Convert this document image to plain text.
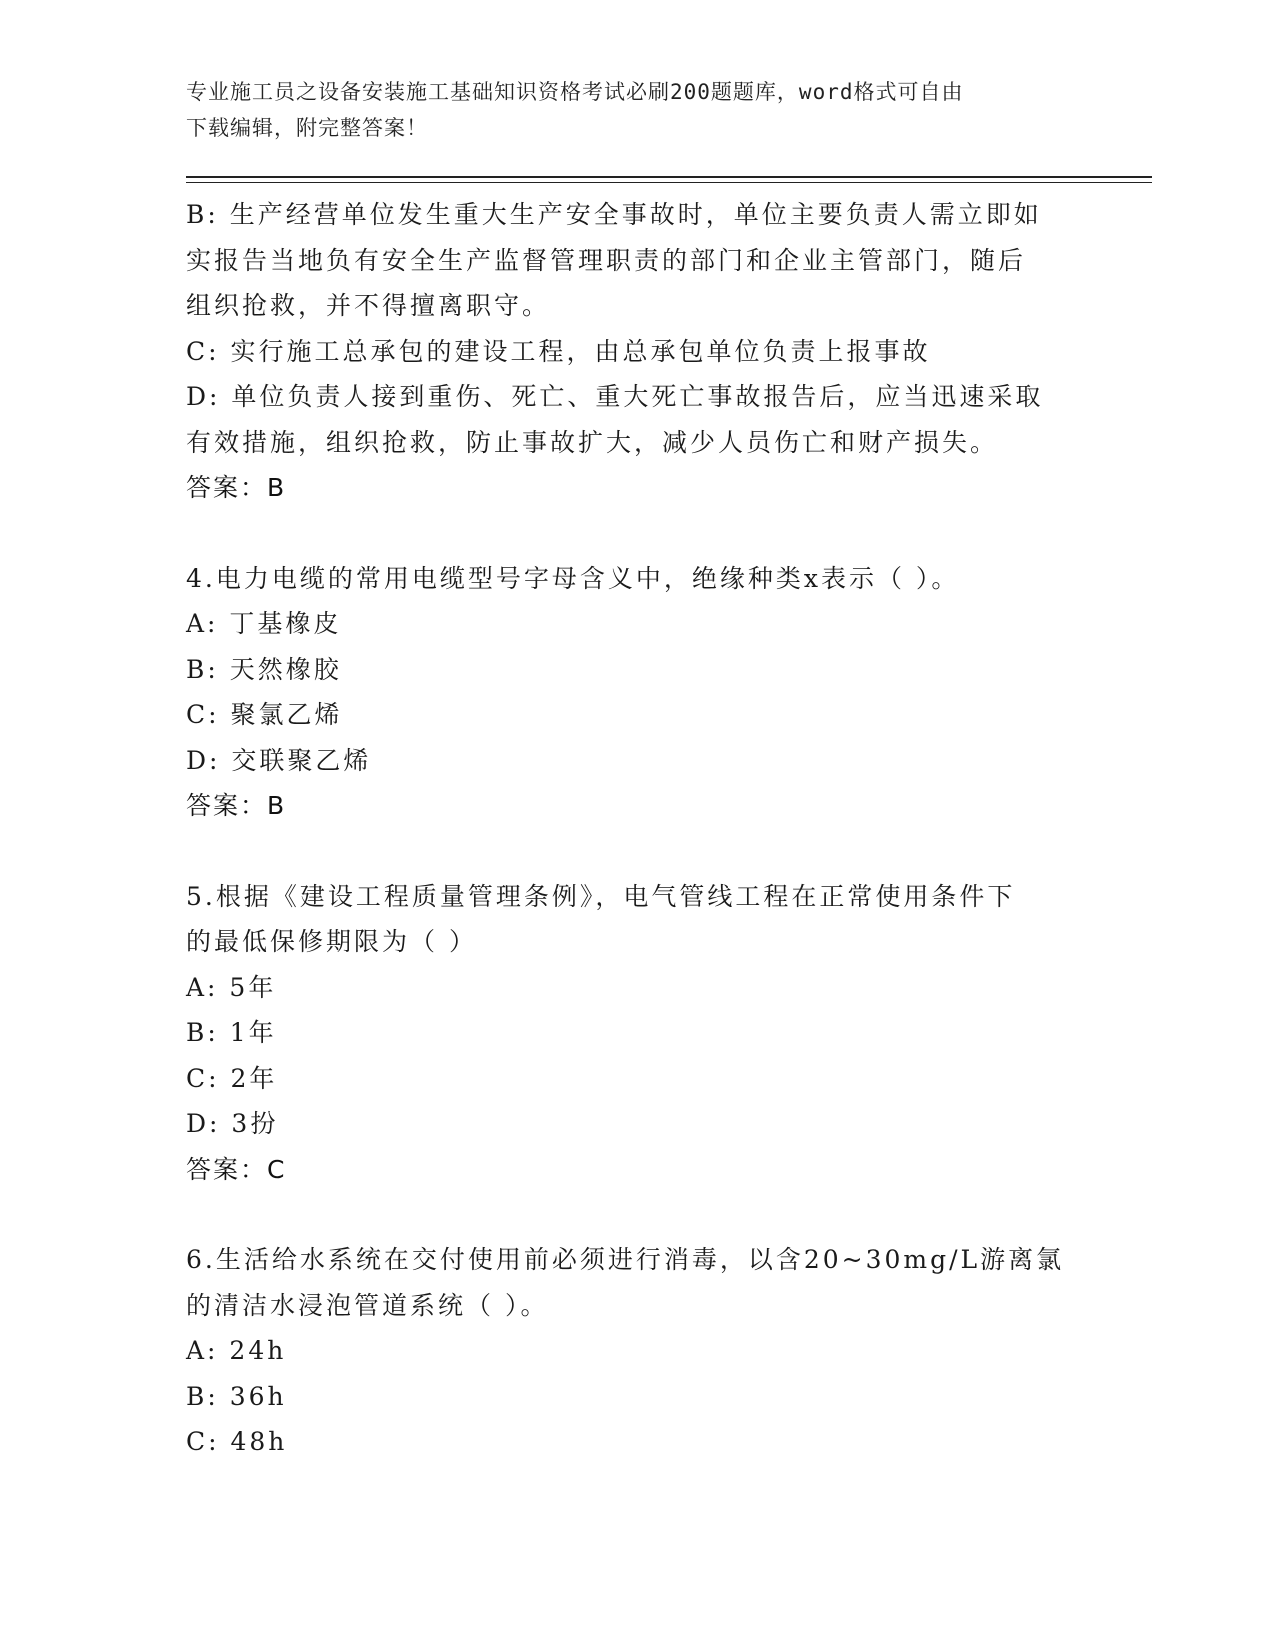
专业施工员之设备安装施工基础知识资格考试必刷200题题库，word格式可自由
下载编辑，附完整答案！
B: 生产经营单位发生重大生产安全事故时，单位主要负责人需立即如
实报告当地负有安全生产监督管理职责的部门和企业主管部门，随后
组织抢救，并不得擅离职守。
C: 实行施工总承包的建设工程，由总承包单位负责上报事故
D: 单位负责人接到重伤、死亡、重大死亡事故报告后，应当迅速采取
有效措施，组织抢救，防止事故扩大，减少人员伤亡和财产损失。
答案：B
4.电力电缆的常用电缆型号字母含义中，绝缘种类x表示（ ）。
A: 丁基橡皮
B: 天然橡胶
C: 聚氯乙烯
D: 交联聚乙烯
答案：B
5.根据《建设工程质量管理条例》，电气管线工程在正常使用条件下
的最低保修期限为（ ）
A: 5年
B: 1年
C: 2年
D: 3扮
答案：C
6.生活给水系统在交付使用前必须进行消毒，以含20~30mg/L游离氯
的清洁水浸泡管道系统（ ）。
A: 24h
B: 36h
C: 48h
